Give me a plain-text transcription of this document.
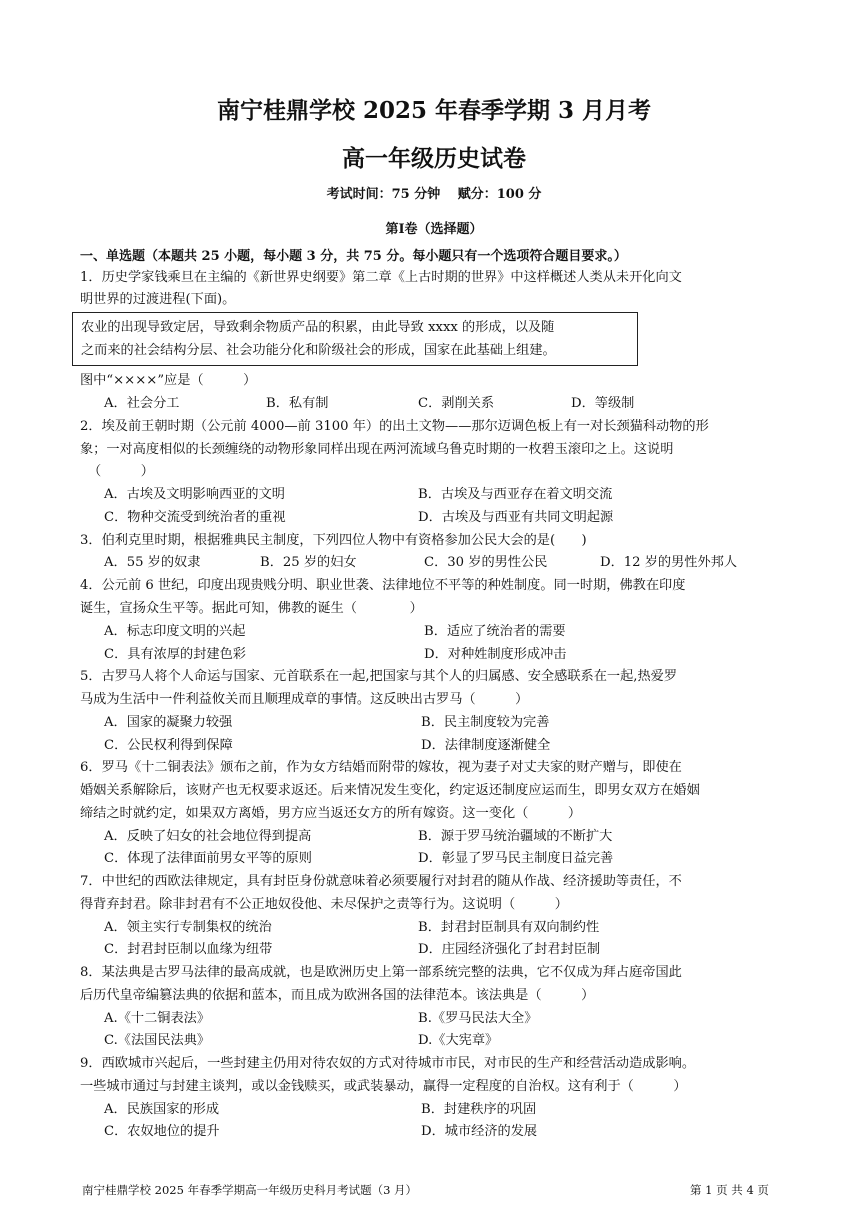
南宁桂鼎学校 2025 年春季学期 3 月月考
高一年级历史试卷
考试时间：75 分钟　 赋分：100 分
第Ⅰ卷（选择题）
一、单选题（本题共 25 小题，每小题 3 分，共 75 分。每小题只有一个选项符合题目要求。）
1．历史学家钱乘旦在主编的《新世界史纲要》第二章《上古时期的世界》中这样概述人类从未开化向文
明世界的过渡进程(下面)。
农业的出现导致定居，导致剩余物质产品的积累，由此导致 xxxx 的形成，以及随
之而来的社会结构分层、社会功能分化和阶级社会的形成，国家在此基础上组建。
图中“××××”应是（　　　）
A．社会分工	B．私有制	C．剥削关系	D．等级制
2．埃及前王朝时期（公元前 4000—前 3100 年）的出土文物——那尔迈调色板上有一对长颈猫科动物的形
象；一对高度相似的长颈缠绕的动物形象同样出现在两河流域乌鲁克时期的一枚碧玉滚印之上。这说明
（　　　）
A．古埃及文明影响西亚的文明	B．古埃及与西亚存在着文明交流
C．物种交流受到统治者的重视	D．古埃及与西亚有共同文明起源
3．伯利克里时期，根据雅典民主制度，下列四位人物中有资格参加公民大会的是(　　)
A．55 岁的奴隶	B．25 岁的妇女	C．30 岁的男性公民	D．12 岁的男性外邦人
4．公元前 6 世纪，印度出现贵贱分明、职业世袭、法律地位不平等的种姓制度。同一时期，佛教在印度
诞生，宣扬众生平等。据此可知，佛教的诞生（　　　　）
A．标志印度文明的兴起	B．适应了统治者的需要
C．具有浓厚的封建色彩	D．对种姓制度形成冲击
5．古罗马人将个人命运与国家、元首联系在一起,把国家与其个人的归属感、安全感联系在一起,热爱罗
马成为生活中一件利益攸关而且顺理成章的事情。这反映出古罗马（　　　）
A．国家的凝聚力较强	B．民主制度较为完善
C．公民权利得到保障	D．法律制度逐渐健全
6．罗马《十二铜表法》颁布之前，作为女方结婚而附带的嫁妆，视为妻子对丈夫家的财产赠与，即使在
婚姻关系解除后，该财产也无权要求返还。后来情况发生变化，约定返还制度应运而生，即男女双方在婚姻
缔结之时就约定，如果双方离婚，男方应当返还女方的所有嫁资。这一变化（　　　）
A．反映了妇女的社会地位得到提高	B．源于罗马统治疆域的不断扩大
C．体现了法律面前男女平等的原则	D．彰显了罗马民主制度日益完善
7．中世纪的西欧法律规定，具有封臣身份就意味着必须要履行对封君的随从作战、经济援助等责任，不
得背弃封君。除非封君有不公正地奴役他、未尽保护之责等行为。这说明（　　　）
A．领主实行专制集权的统治	B．封君封臣制具有双向制约性
C．封君封臣制以血缘为纽带	D．庄园经济强化了封君封臣制
8．某法典是古罗马法律的最高成就，也是欧洲历史上第一部系统完整的法典，它不仅成为拜占庭帝国此
后历代皇帝编篡法典的依据和蓝本，而且成为欧洲各国的法律范本。该法典是（　　　）
A.《十二铜表法》	B.《罗马民法大全》
C.《法国民法典》	D.《大宪章》
9．西欧城市兴起后，一些封建主仍用对待农奴的方式对待城市市民，对市民的生产和经营活动造成影响。
一些城市通过与封建主谈判，或以金钱赎买，或武装暴动，赢得一定程度的自治权。这有利于（　　　）
A．民族国家的形成	B．封建秩序的巩固
C．农奴地位的提升	D．城市经济的发展
南宁桂鼎学校 2025 年春季学期高一年级历史科月考试题（3 月）	第 1 页 共 4 页
